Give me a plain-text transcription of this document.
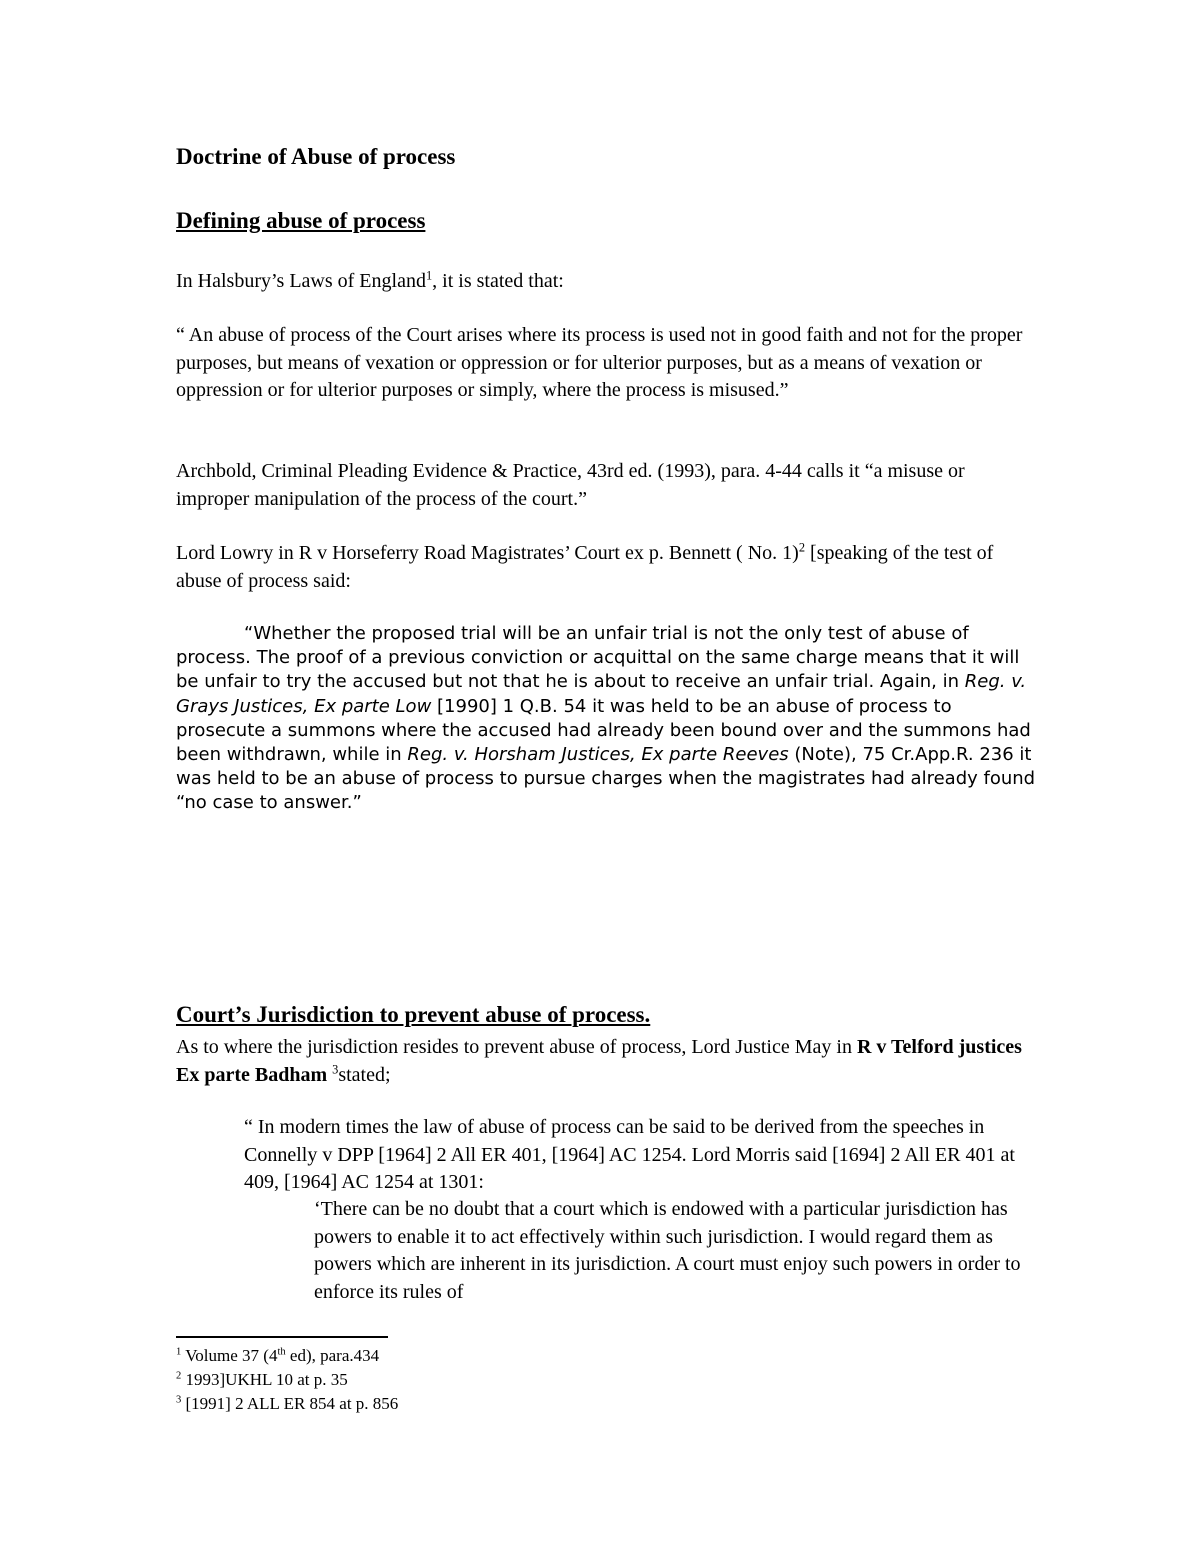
Doctrine of Abuse of process
Defining abuse of process
In Halsbury’s Laws of England$^1$, it is stated that:
“ An abuse of process of the Court arises where its process is used not in good faith and not for the proper purposes, but means of vexation or oppression or for ulterior purposes, but as a means of vexation or oppression or for ulterior purposes or simply, where the process is misused.”
Archbold, Criminal Pleading Evidence & Practice, 43rd ed. (1993), para. 4-44 calls it “a misuse or improper manipulation of the process of the court.”
Lord Lowry in R v Horseferry Road Magistrates’ Court ex p. Bennett ( No. 1)$^2$ [speaking of the test of abuse of process said:
“Whether the proposed trial will be an unfair trial is not the only test of abuse of process. The proof of a previous conviction or acquittal on the same charge means that it will be unfair to try the accused but not that he is about to receive an unfair trial. Again, in Reg. v. Grays Justices, Ex parte Low [1990] 1 Q.B. 54 it was held to be an abuse of process to prosecute a summons where the accused had already been bound over and the summons had been withdrawn, while in Reg. v. Horsham Justices, Ex parte Reeves (Note), 75 Cr.App.R. 236 it was held to be an abuse of process to pursue charges when the magistrates had already found “no case to answer.”
Court’s Jurisdiction to prevent abuse of process.
As to where the jurisdiction resides to prevent abuse of process, Lord Justice May in R v Telford justices Ex parte Badham $^3$stated;
“ In modern times the law of abuse of process can be said to be derived from the speeches in Connelly v DPP [1964] 2 All ER 401, [1964] AC 1254. Lord Morris said [1694] 2 All ER 401 at 409, [1964] AC 1254 at 1301:
‘There can be no doubt that a court which is endowed with a particular jurisdiction has powers to enable it to act effectively within such jurisdiction. I would regard them as powers which are inherent in its jurisdiction. A court must enjoy such powers in order to enforce its rules of
$^1$ Volume 37 (4th ed), para.434
$^2$ 1993]UKHL 10 at p. 35
$^3$ [1991] 2 ALL ER 854 at p. 856
